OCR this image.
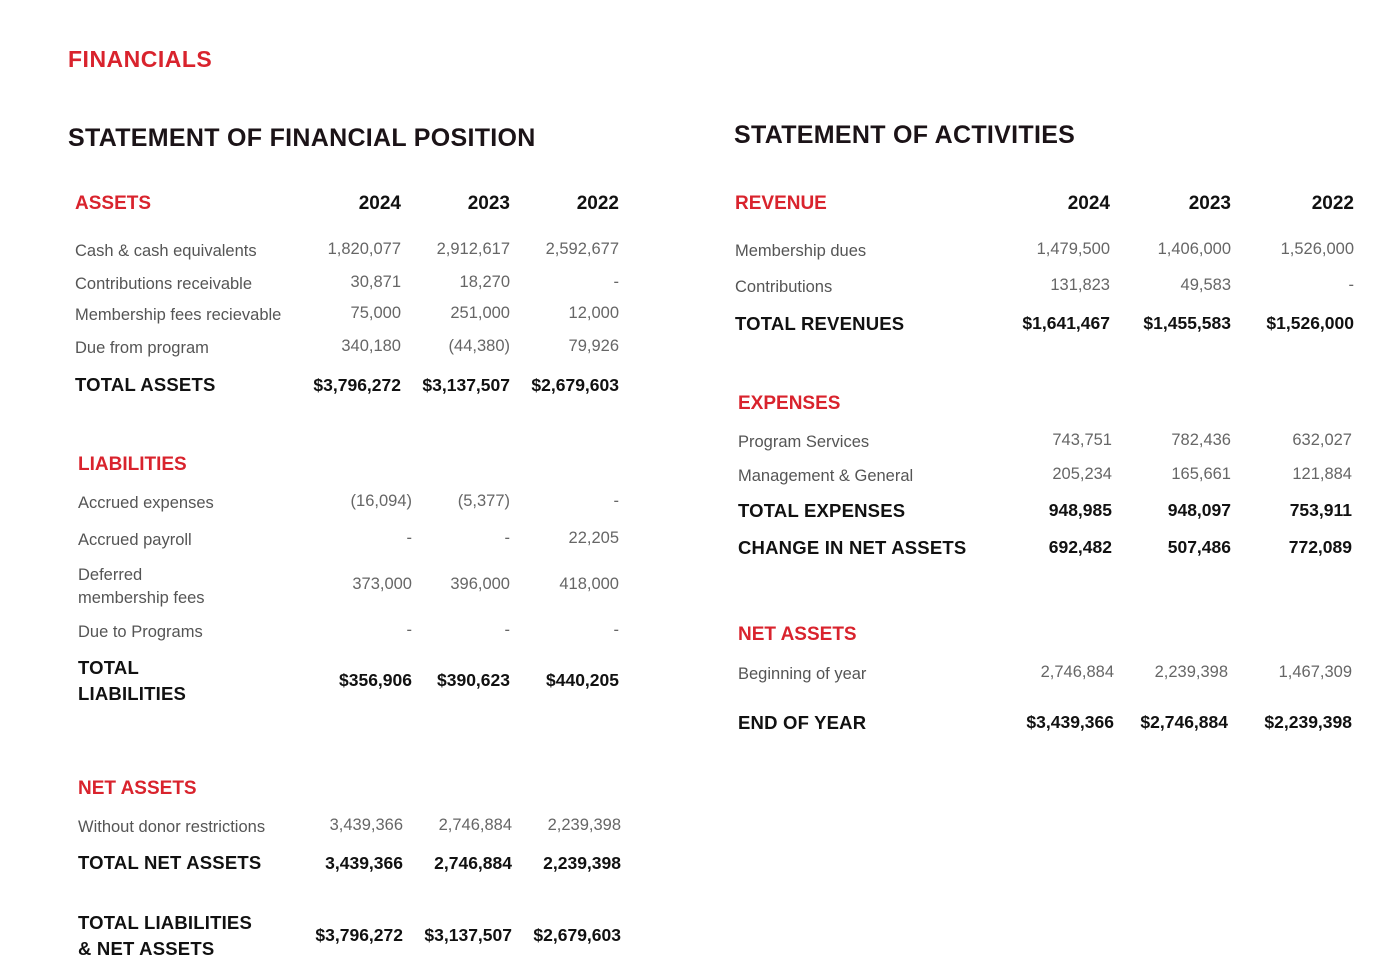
FINANCIALS
STATEMENT OF FINANCIAL POSITION
ASSETS	2024	2023	2022
Cash & cash equivalents	1,820,077 2,912,617 2,592,677
Contributions receivable	30,871	18,270	-
Membership fees recievable	75,000	251,000	12,000
Due from program	340,180	(44,380)	79,926
TOTAL ASSETS	$3,796,272 $3,137,507 $2,679,603
LIABILITIES
Accrued expenses	(16,094)	(5,377)	-
Accrued payroll	-	-	22,205
Deferred
membership fees
373,000 396,000	418,000
Due to Programs	-	-	-
TOTAL
LIABILITIES
$356,906 $390,623 $440,205
NET ASSETS
Without donor restrictions	3,439,366 2,746,884 2,239,398
TOTAL NET ASSETS	3,439,366 2,746,884 2,239,398
TOTAL LIABILITIES
& NET ASSETS
$3,796,272 $3,137,507 $2,679,603
STATEMENT OF ACTIVITIES
REVENUE	2024	2023	2022
Membership dues	1,479,500	1,406,000	1,526,000
Contributions	131,823	49,583	-
TOTAL REVENUES	$1,641,467 $1,455,583 $1,526,000
EXPENSES
Program Services	743,751	782,436	632,027
Management & General	205,234	165,661	121,884
TOTAL EXPENSES	948,985	948,097	753,911
CHANGE IN NET ASSETS	692,482	507,486	772,089
NET ASSETS
Beginning of year	2,746,884 2,239,398	1,467,309
END OF YEAR	$3,439,366 $2,746,884 $2,239,398
